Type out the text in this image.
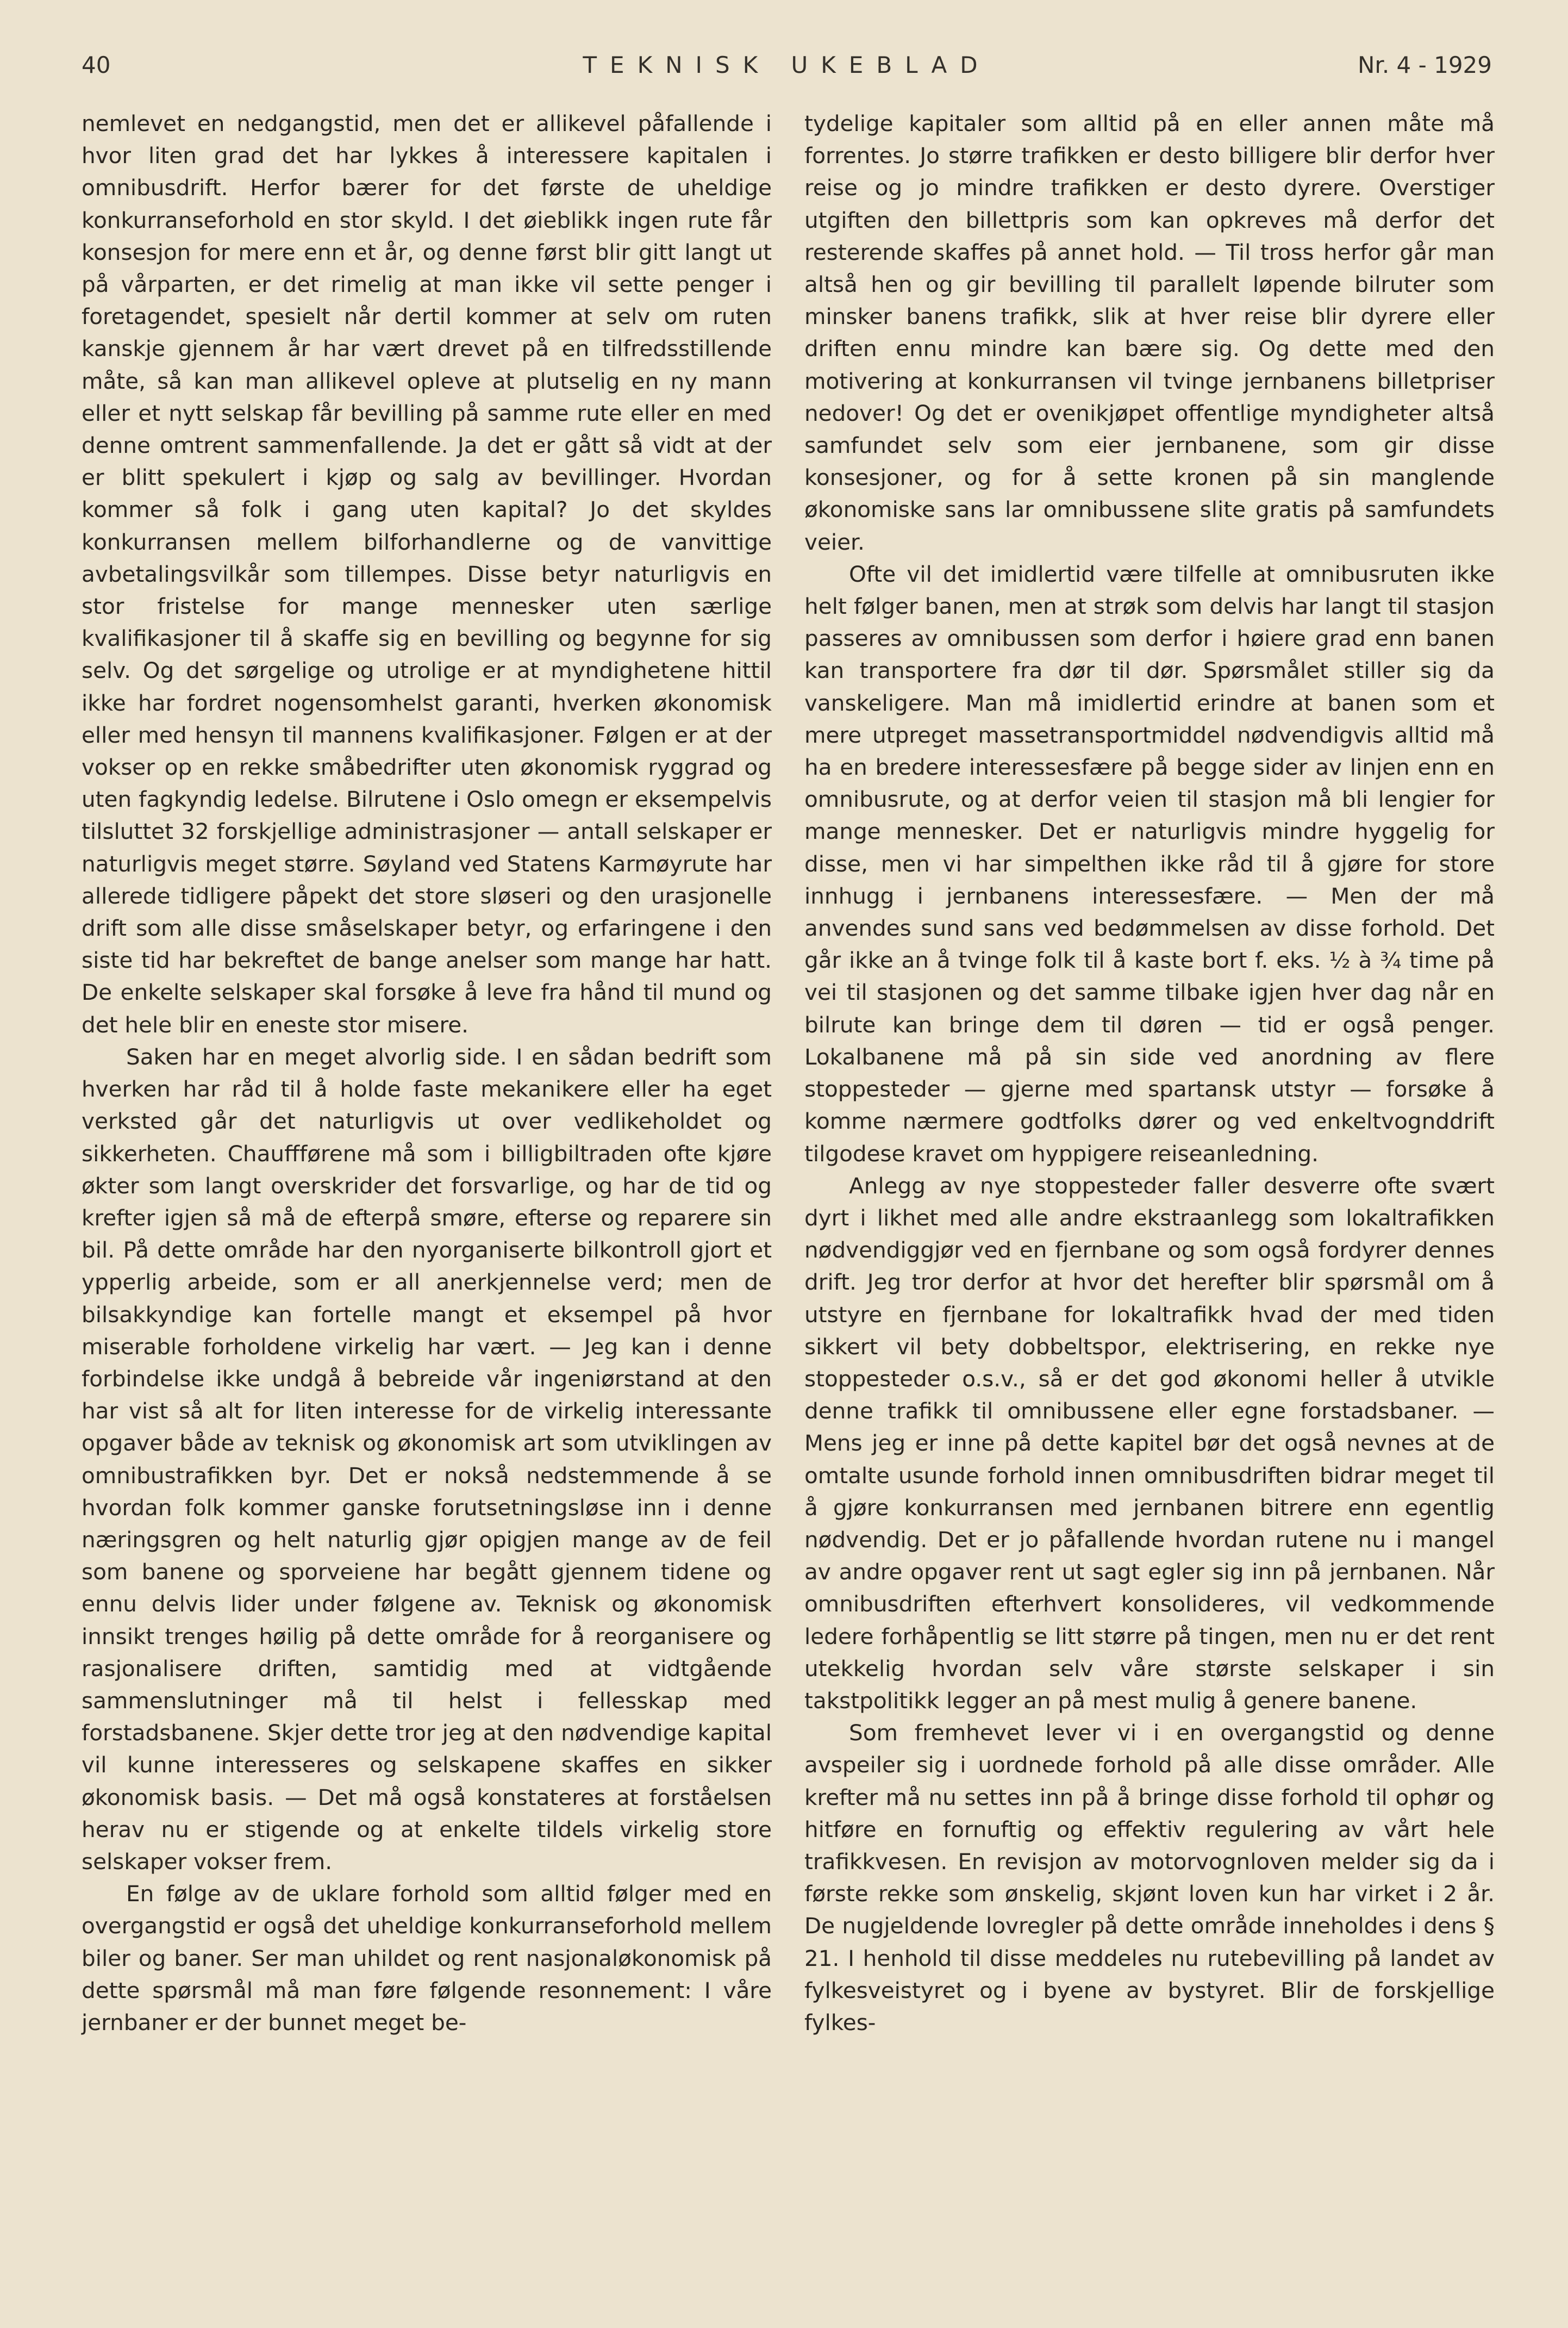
40	TEKNISK UKEBLAD	Nr. 4 - 1929

nemlevet en nedgangstid, men det er allikevel påfallende i hvor liten grad det har lykkes å interessere kapitalen i omnibusdrift. Herfor bærer for det første de uheldige konkurranseforhold en stor skyld. I det øieblikk ingen rute får konsesjon for mere enn et år, og denne først blir gitt langt ut på vårparten, er det rimelig at man ikke vil sette penger i foretagendet, spesielt når dertil kommer at selv om ruten kanskje gjennem år har vært drevet på en tilfredsstillende måte, så kan man allikevel opleve at plutselig en ny mann eller et nytt selskap får bevilling på samme rute eller en med denne omtrent sammenfallende. Ja det er gått så vidt at der er blitt spekulert i kjøp og salg av bevillinger. Hvordan kommer så folk i gang uten kapital? Jo det skyldes konkurransen mellem bilforhandlerne og de vanvittige avbetalingsvilkår som tillempes. Disse betyr naturligvis en stor fristelse for mange mennesker uten særlige kvalifikasjoner til å skaffe sig en bevilling og begynne for sig selv. Og det sørgelige og utrolige er at myndighetene hittil ikke har fordret nogensomhelst garanti, hverken økonomisk eller med hensyn til mannens kvalifikasjoner. Følgen er at der vokser op en rekke småbedrifter uten økonomisk ryggrad og uten fagkyndig ledelse. Bilrutene i Oslo omegn er eksempelvis tilsluttet 32 forskjellige administrasjoner — antall selskaper er naturligvis meget større. Søyland ved Statens Karmøyrute har allerede tidligere påpekt det store sløseri og den urasjonelle drift som alle disse småselskaper betyr, og erfaringene i den siste tid har bekreftet de bange anelser som mange har hatt. De enkelte selskaper skal forsøke å leve fra hånd til mund og det hele blir en eneste stor misere.

Saken har en meget alvorlig side. I en sådan bedrift som hverken har råd til å holde faste mekanikere eller ha eget verksted går det naturligvis ut over vedlikeholdet og sikkerheten. Chauffførene må som i billigbiltraden ofte kjøre økter som langt overskrider det forsvarlige, og har de tid og krefter igjen så må de efterpå smøre, efterse og reparere sin bil. På dette område har den nyorganiserte bilkontroll gjort et ypperlig arbeide, som er all anerkjennelse verd; men de bilsakkyndige kan fortelle mangt et eksempel på hvor miserable forholdene virkelig har vært. — Jeg kan i denne forbindelse ikke undgå å bebreide vår ingeniørstand at den har vist så alt for liten interesse for de virkelig interessante opgaver både av teknisk og økonomisk art som utviklingen av omnibustrafikken byr. Det er nokså nedstemmende å se hvordan folk kommer ganske forutsetningsløse inn i denne næringsgren og helt naturlig gjør opigjen mange av de feil som banene og sporveiene har begått gjennem tidene og ennu delvis lider under følgene av. Teknisk og økonomisk innsikt trenges høilig på dette område for å reorganisere og rasjonalisere driften, samtidig med at vidtgående sammenslutninger må til helst i fellesskap med forstadsbanene. Skjer dette tror jeg at den nødvendige kapital vil kunne interesseres og selskapene skaffes en sikker økonomisk basis. — Det må også konstateres at forståelsen herav nu er stigende og at enkelte tildels virkelig store selskaper vokser frem.

En følge av de uklare forhold som alltid følger med en overgangstid er også det uheldige konkurranseforhold mellem biler og baner. Ser man uhildet og rent nasjonaløkonomisk på dette spørsmål må man føre følgende resonnement: I våre jernbaner er der bunnet meget be-

tydelige kapitaler som alltid på en eller annen måte må forrentes. Jo større trafikken er desto billigere blir derfor hver reise og jo mindre trafikken er desto dyrere. Overstiger utgiften den billettpris som kan opkreves må derfor det resterende skaffes på annet hold. — Til tross herfor går man altså hen og gir bevilling til parallelt løpende bilruter som minsker banens trafikk, slik at hver reise blir dyrere eller driften ennu mindre kan bære sig. Og dette med den motivering at konkurransen vil tvinge jernbanens billetpriser nedover! Og det er ovenikjøpet offentlige myndigheter altså samfundet selv som eier jernbanene, som gir disse konsesjoner, og for å sette kronen på sin manglende økonomiske sans lar omnibussene slite gratis på samfundets veier.

Ofte vil det imidlertid være tilfelle at omnibusruten ikke helt følger banen, men at strøk som delvis har langt til stasjon passeres av omnibussen som derfor i høiere grad enn banen kan transportere fra dør til dør. Spørsmålet stiller sig da vanskeligere. Man må imidlertid erindre at banen som et mere utpreget massetransportmiddel nødvendigvis alltid må ha en bredere interessesfære på begge sider av linjen enn en omnibusrute, og at derfor veien til stasjon må bli lengier for mange mennesker. Det er naturligvis mindre hyggelig for disse, men vi har simpelthen ikke råd til å gjøre for store innhugg i jernbanens interessesfære. — Men der må anvendes sund sans ved bedømmelsen av disse forhold. Det går ikke an å tvinge folk til å kaste bort f. eks. ½ à ¾ time på vei til stasjonen og det samme tilbake igjen hver dag når en bilrute kan bringe dem til døren — tid er også penger. Lokalbanene må på sin side ved anordning av flere stoppesteder — gjerne med spartansk utstyr — forsøke å komme nærmere godtfolks dører og ved enkeltvognddrift tilgodese kravet om hyppigere reiseanledning.

Anlegg av nye stoppesteder faller desverre ofte svært dyrt i likhet med alle andre ekstraanlegg som lokaltrafikken nødvendiggjør ved en fjernbane og som også fordyrer dennes drift. Jeg tror derfor at hvor det herefter blir spørsmål om å utstyre en fjernbane for lokaltrafikk hvad der med tiden sikkert vil bety dobbeltspor, elektrisering, en rekke nye stoppesteder o.s.v., så er det god økonomi heller å utvikle denne trafikk til omnibussene eller egne forstadsbaner. — Mens jeg er inne på dette kapitel bør det også nevnes at de omtalte usunde forhold innen omnibusdriften bidrar meget til å gjøre konkurransen med jernbanen bitrere enn egentlig nødvendig. Det er jo påfallende hvordan rutene nu i mangel av andre opgaver rent ut sagt egler sig inn på jernbanen. Når omnibusdriften efterhvert konsolideres, vil vedkommende ledere forhåpentlig se litt større på tingen, men nu er det rent utekkelig hvordan selv våre største selskaper i sin takstpolitikk legger an på mest mulig å genere banene.

Som fremhevet lever vi i en overgangstid og denne avspeiler sig i uordnede forhold på alle disse områder. Alle krefter må nu settes inn på å bringe disse forhold til ophør og hitføre en fornuftig og effektiv regulering av vårt hele trafikkvesen. En revisjon av motorvognloven melder sig da i første rekke som ønskelig, skjønt loven kun har virket i 2 år. De nugjeldende lovregler på dette område inneholdes i dens § 21. I henhold til disse meddeles nu rutebevilling på landet av fylkesveistyret og i byene av bystyret. Blir de forskjellige fylkes-
